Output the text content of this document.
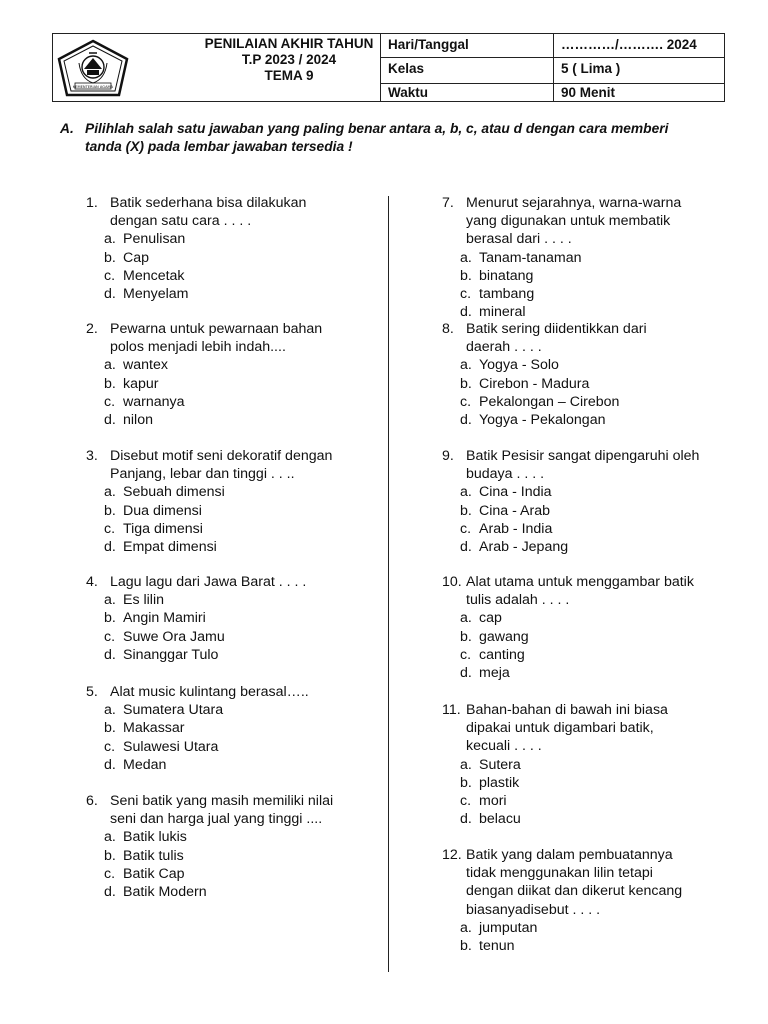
KEMENTERIAN AGAMA
PENILAIAN AKHIR TAHUN
T.P 2023 / 2024
TEMA 9
Hari/Tanggal	…………/………. 2024
Kelas	5 ( Lima )
Waktu	90 Menit
A. Pilihlah salah satu jawaban yang paling benar antara a, b, c, atau d dengan cara memberi tanda (X) pada lembar jawaban tersedia !
1. Batik sederhana bisa dilakukan
dengan satu cara . . . .
a. Penulisan
b. Cap
c. Mencetak
d. Menyelam
2. Pewarna untuk pewarnaan bahan
polos menjadi lebih indah....
a. wantex
b. kapur
c. warnanya
d. nilon
3. Disebut motif seni dekoratif dengan
Panjang, lebar dan tinggi . . ..
a. Sebuah dimensi
b. Dua dimensi
c. Tiga dimensi
d. Empat dimensi
4. Lagu lagu dari Jawa Barat . . . .
a. Es lilin
b. Angin Mamiri
c. Suwe Ora Jamu
d. Sinanggar Tulo
5. Alat music kulintang berasal…..
a. Sumatera Utara
b. Makassar
c. Sulawesi Utara
d. Medan
6. Seni batik yang masih memiliki nilai
seni dan harga jual yang tinggi ....
a. Batik lukis
b. Batik tulis
c. Batik Cap
d. Batik Modern
7. Menurut sejarahnya, warna-warna
yang digunakan untuk membatik
berasal dari . . . .
a. Tanam-tanaman
b. binatang
c. tambang
d. mineral
8. Batik sering diidentikkan dari
daerah . . . .
a. Yogya - Solo
b. Cirebon - Madura
c. Pekalongan – Cirebon
d. Yogya - Pekalongan
9. Batik Pesisir sangat dipengaruhi oleh
budaya . . . .
a. Cina - India
b. Cina - Arab
c. Arab - India
d. Arab - Jepang
10. Alat utama untuk menggambar batik
tulis adalah . . . .
a. cap
b. gawang
c. canting
d. meja
11. Bahan-bahan di bawah ini biasa
dipakai untuk digambari batik,
kecuali . . . .
a. Sutera
b. plastik
c. mori
d. belacu
12. Batik yang dalam pembuatannya
tidak menggunakan lilin tetapi
dengan diikat dan dikerut kencang
biasanyadisebut . . . .
a. jumputan
b. tenun
